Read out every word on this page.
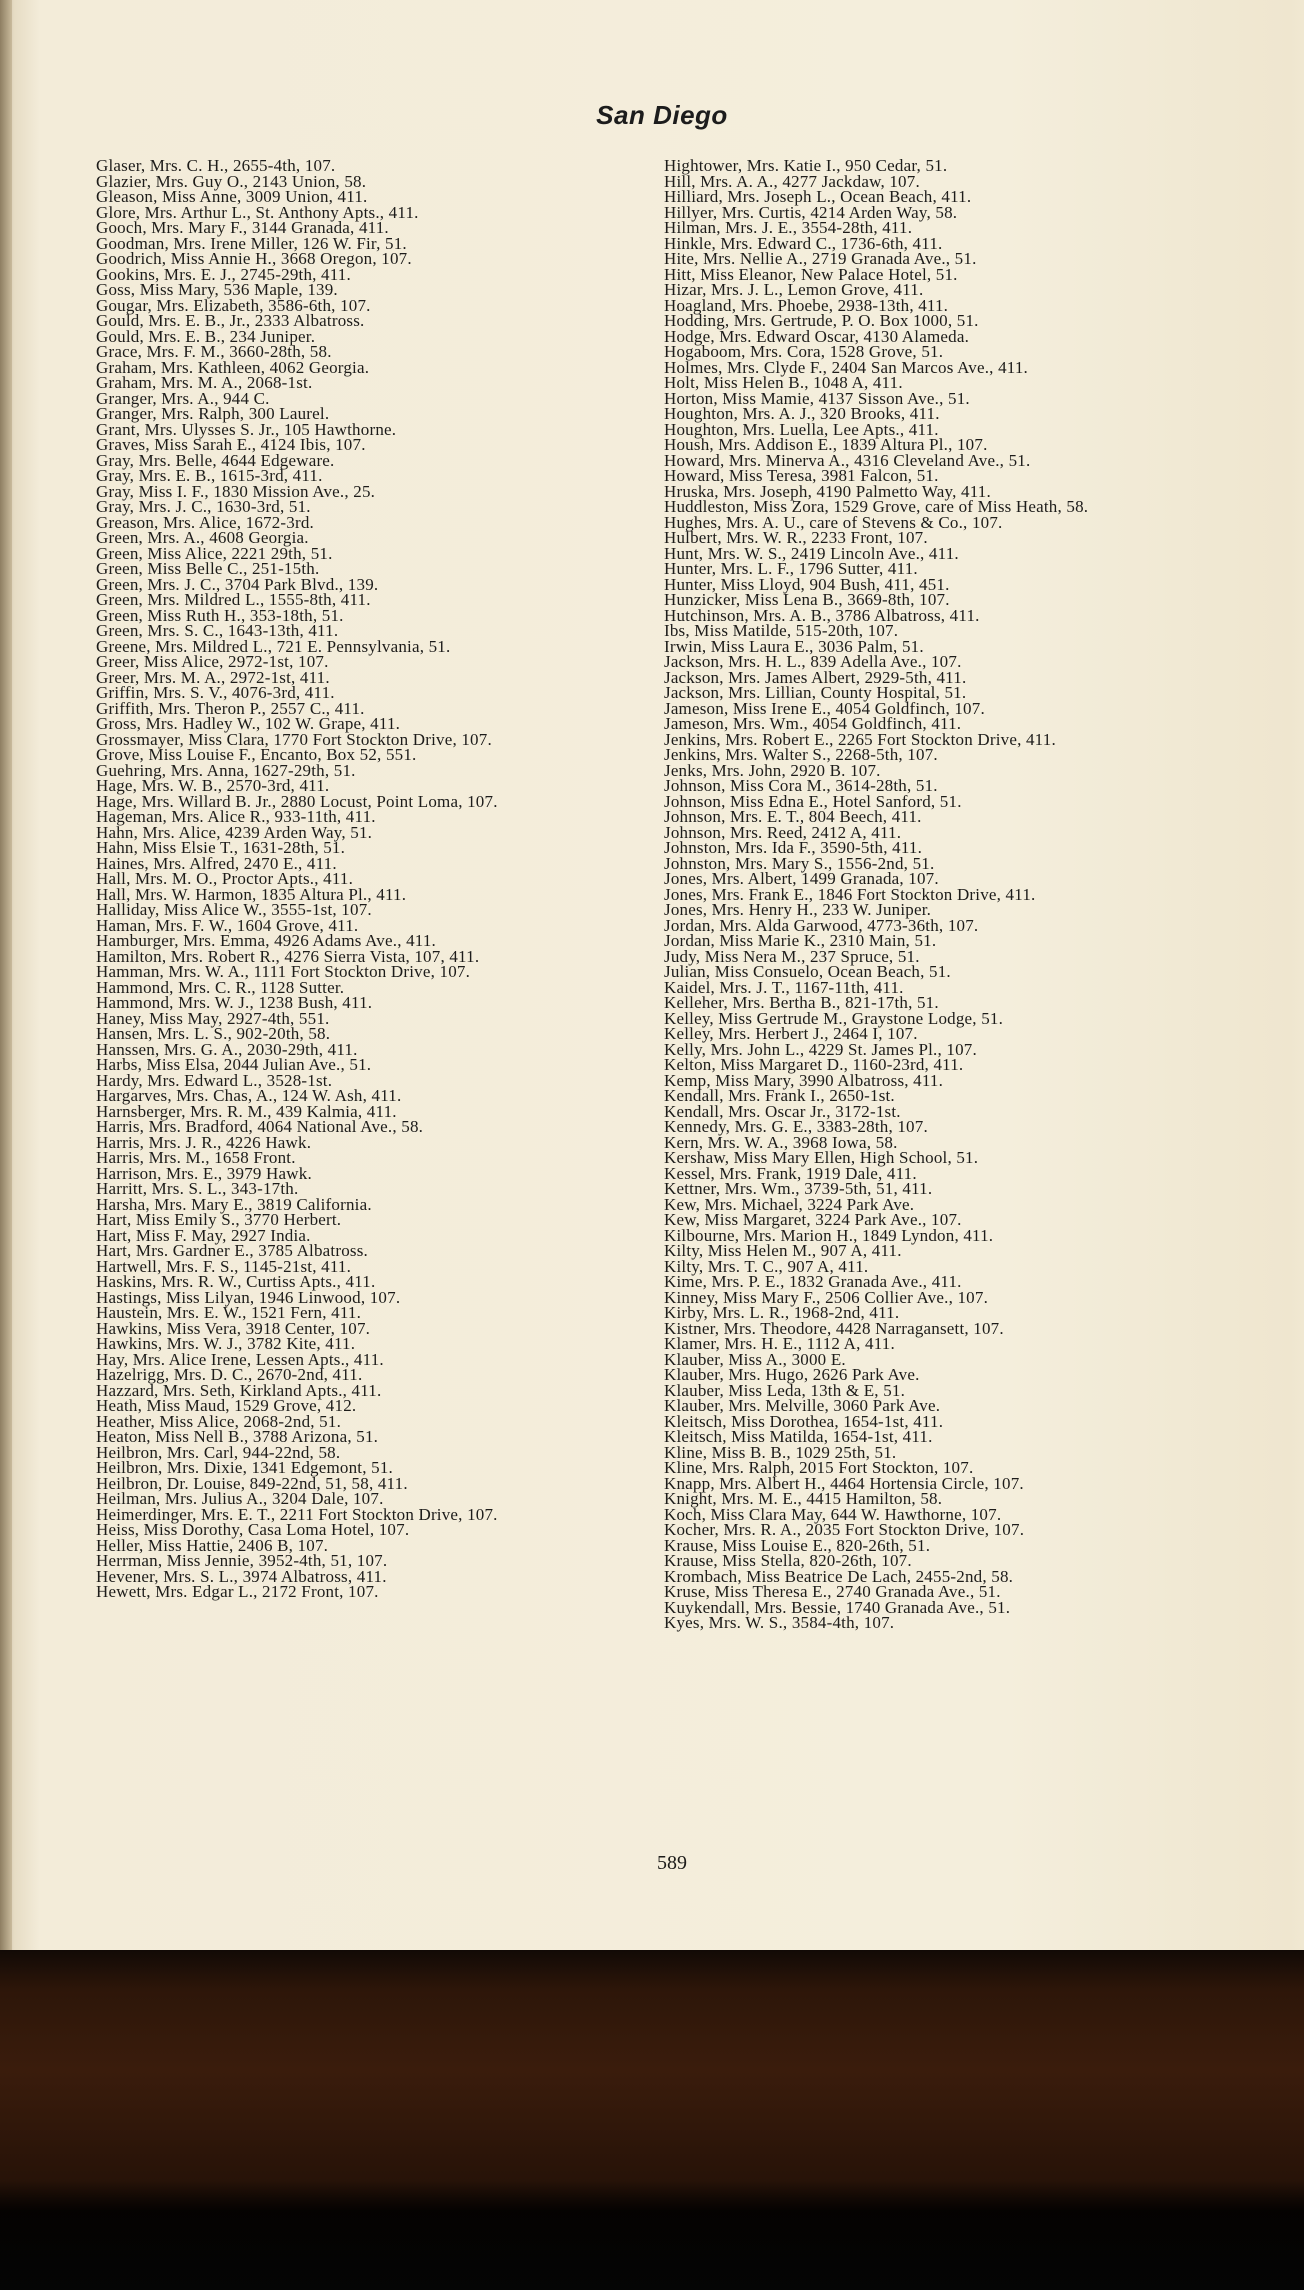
San Diego

Glaser, Mrs. C. H., 2655-4th, 107.

Glazier, Mrs. Guy O., 2143 Union, 58.

Gleason, Miss Anne, 3009 Union, 411.

Glore, Mrs. Arthur L., St. Anthony Apts., 411.

Gooch, Mrs. Mary F., 3144 Granada, 411.

Goodman, Mrs. Irene Miller, 126 W. Fir, 51.

Goodrich, Miss Annie H., 3668 Oregon, 107.

Gookins, Mrs. E. J., 2745-29th, 411.

Goss, Miss Mary, 536 Maple, 139.

Gougar, Mrs. Elizabeth, 3586-6th, 107.

Gould, Mrs. E. B., Jr., 2333 Albatross.

Gould, Mrs. E. B., 234 Juniper.

Grace, Mrs. F. M., 3660-28th, 58.

Graham, Mrs. Kathleen, 4062 Georgia.

Graham, Mrs. M. A., 2068-1st.

Granger, Mrs. A., 944 C.

Granger, Mrs. Ralph, 300 Laurel.

Grant, Mrs. Ulysses S. Jr., 105 Hawthorne.

Graves, Miss Sarah E., 4124 Ibis, 107.

Gray, Mrs. Belle, 4644 Edgeware.

Gray, Mrs. E. B., 1615-3rd, 411.

Gray, Miss I. F., 1830 Mission Ave., 25.

Gray, Mrs. J. C., 1630-3rd, 51.

Greason, Mrs. Alice, 1672-3rd.

Green, Mrs. A., 4608 Georgia.

Green, Miss Alice, 2221 29th, 51.

Green, Miss Belle C., 251-15th.

Green, Mrs. J. C., 3704 Park Blvd., 139.

Green, Mrs. Mildred L., 1555-8th, 411.

Green, Miss Ruth H., 353-18th, 51.

Green, Mrs. S. C., 1643-13th, 411.

Greene, Mrs. Mildred L., 721 E. Pennsylvania, 51.

Greer, Miss Alice, 2972-1st, 107.

Greer, Mrs. M. A., 2972-1st, 411.

Griffin, Mrs. S. V., 4076-3rd, 411.

Griffith, Mrs. Theron P., 2557 C., 411.

Gross, Mrs. Hadley W., 102 W. Grape, 411.

Grossmayer, Miss Clara, 1770 Fort Stockton Drive, 107.

Grove, Miss Louise F., Encanto, Box 52, 551.

Guehring, Mrs. Anna, 1627-29th, 51.

Hage, Mrs. W. B., 2570-3rd, 411.

Hage, Mrs. Willard B. Jr., 2880 Locust, Point Loma, 107.

Hageman, Mrs. Alice R., 933-11th, 411.

Hahn, Mrs. Alice, 4239 Arden Way, 51.

Hahn, Miss Elsie T., 1631-28th, 51.

Haines, Mrs. Alfred, 2470 E., 411.

Hall, Mrs. M. O., Proctor Apts., 411.

Hall, Mrs. W. Harmon, 1835 Altura Pl., 411.

Halliday, Miss Alice W., 3555-1st, 107.

Haman, Mrs. F. W., 1604 Grove, 411.

Hamburger, Mrs. Emma, 4926 Adams Ave., 411.

Hamilton, Mrs. Robert R., 4276 Sierra Vista, 107, 411.

Hamman, Mrs. W. A., 1111 Fort Stockton Drive, 107.

Hammond, Mrs. C. R., 1128 Sutter.

Hammond, Mrs. W. J., 1238 Bush, 411.

Haney, Miss May, 2927-4th, 551.

Hansen, Mrs. L. S., 902-20th, 58.

Hanssen, Mrs. G. A., 2030-29th, 411.

Harbs, Miss Elsa, 2044 Julian Ave., 51.

Hardy, Mrs. Edward L., 3528-1st.

Hargarves, Mrs. Chas, A., 124 W. Ash, 411.

Harnsberger, Mrs. R. M., 439 Kalmia, 411.

Harris, Mrs. Bradford, 4064 National Ave., 58.

Harris, Mrs. J. R., 4226 Hawk.

Harris, Mrs. M., 1658 Front.

Harrison, Mrs. E., 3979 Hawk.

Harritt, Mrs. S. L., 343-17th.

Harsha, Mrs. Mary E., 3819 California.

Hart, Miss Emily S., 3770 Herbert.

Hart, Miss F. May, 2927 India.

Hart, Mrs. Gardner E., 3785 Albatross.

Hartwell, Mrs. F. S., 1145-21st, 411.

Haskins, Mrs. R. W., Curtiss Apts., 411.

Hastings, Miss Lilyan, 1946 Linwood, 107.

Haustein, Mrs. E. W., 1521 Fern, 411.

Hawkins, Miss Vera, 3918 Center, 107.

Hawkins, Mrs. W. J., 3782 Kite, 411.

Hay, Mrs. Alice Irene, Lessen Apts., 411.

Hazelrigg, Mrs. D. C., 2670-2nd, 411.

Hazzard, Mrs. Seth, Kirkland Apts., 411.

Heath, Miss Maud, 1529 Grove, 412.

Heather, Miss Alice, 2068-2nd, 51.

Heaton, Miss Nell B., 3788 Arizona, 51.

Heilbron, Mrs. Carl, 944-22nd, 58.

Heilbron, Mrs. Dixie, 1341 Edgemont, 51.

Heilbron, Dr. Louise, 849-22nd, 51, 58, 411.

Heilman, Mrs. Julius A., 3204 Dale, 107.

Heimerdinger, Mrs. E. T., 2211 Fort Stockton Drive, 107.

Heiss, Miss Dorothy, Casa Loma Hotel, 107.

Heller, Miss Hattie, 2406 B, 107.

Herrman, Miss Jennie, 3952-4th, 51, 107.

Hevener, Mrs. S. L., 3974 Albatross, 411.

Hewett, Mrs. Edgar L., 2172 Front, 107.

Hightower, Mrs. Katie I., 950 Cedar, 51.

Hill, Mrs. A. A., 4277 Jackdaw, 107.

Hilliard, Mrs. Joseph L., Ocean Beach, 411.

Hillyer, Mrs. Curtis, 4214 Arden Way, 58.

Hilman, Mrs. J. E., 3554-28th, 411.

Hinkle, Mrs. Edward C., 1736-6th, 411.

Hite, Mrs. Nellie A., 2719 Granada Ave., 51.

Hitt, Miss Eleanor, New Palace Hotel, 51.

Hizar, Mrs. J. L., Lemon Grove, 411.

Hoagland, Mrs. Phoebe, 2938-13th, 411.

Hodding, Mrs. Gertrude, P. O. Box 1000, 51.

Hodge, Mrs. Edward Oscar, 4130 Alameda.

Hogaboom, Mrs. Cora, 1528 Grove, 51.

Holmes, Mrs. Clyde F., 2404 San Marcos Ave., 411.

Holt, Miss Helen B., 1048 A, 411.

Horton, Miss Mamie, 4137 Sisson Ave., 51.

Houghton, Mrs. A. J., 320 Brooks, 411.

Houghton, Mrs. Luella, Lee Apts., 411.

Housh, Mrs. Addison E., 1839 Altura Pl., 107.

Howard, Mrs. Minerva A., 4316 Cleveland Ave., 51.

Howard, Miss Teresa, 3981 Falcon, 51.

Hruska, Mrs. Joseph, 4190 Palmetto Way, 411.

Huddleston, Miss Zora, 1529 Grove, care of Miss Heath, 58.

Hughes, Mrs. A. U., care of Stevens & Co., 107.

Hulbert, Mrs. W. R., 2233 Front, 107.

Hunt, Mrs. W. S., 2419 Lincoln Ave., 411.

Hunter, Mrs. L. F., 1796 Sutter, 411.

Hunter, Miss Lloyd, 904 Bush, 411, 451.

Hunzicker, Miss Lena B., 3669-8th, 107.

Hutchinson, Mrs. A. B., 3786 Albatross, 411.

Ibs, Miss Matilde, 515-20th, 107.

Irwin, Miss Laura E., 3036 Palm, 51.

Jackson, Mrs. H. L., 839 Adella Ave., 107.

Jackson, Mrs. James Albert, 2929-5th, 411.

Jackson, Mrs. Lillian, County Hospital, 51.

Jameson, Miss Irene E., 4054 Goldfinch, 107.

Jameson, Mrs. Wm., 4054 Goldfinch, 411.

Jenkins, Mrs. Robert E., 2265 Fort Stockton Drive, 411.

Jenkins, Mrs. Walter S., 2268-5th, 107.

Jenks, Mrs. John, 2920 B. 107.

Johnson, Miss Cora M., 3614-28th, 51.

Johnson, Miss Edna E., Hotel Sanford, 51.

Johnson, Mrs. E. T., 804 Beech, 411.

Johnson, Mrs. Reed, 2412 A, 411.

Johnston, Mrs. Ida F., 3590-5th, 411.

Johnston, Mrs. Mary S., 1556-2nd, 51.

Jones, Mrs. Albert, 1499 Granada, 107.

Jones, Mrs. Frank E., 1846 Fort Stockton Drive, 411.

Jones, Mrs. Henry H., 233 W. Juniper.

Jordan, Mrs. Alda Garwood, 4773-36th, 107.

Jordan, Miss Marie K., 2310 Main, 51.

Judy, Miss Nera M., 237 Spruce, 51.

Julian, Miss Consuelo, Ocean Beach, 51.

Kaidel, Mrs. J. T., 1167-11th, 411.

Kelleher, Mrs. Bertha B., 821-17th, 51.

Kelley, Miss Gertrude M., Graystone Lodge, 51.

Kelley, Mrs. Herbert J., 2464 I, 107.

Kelly, Mrs. John L., 4229 St. James Pl., 107.

Kelton, Miss Margaret D., 1160-23rd, 411.

Kemp, Miss Mary, 3990 Albatross, 411.

Kendall, Mrs. Frank I., 2650-1st.

Kendall, Mrs. Oscar Jr., 3172-1st.

Kennedy, Mrs. G. E., 3383-28th, 107.

Kern, Mrs. W. A., 3968 Iowa, 58.

Kershaw, Miss Mary Ellen, High School, 51.

Kessel, Mrs. Frank, 1919 Dale, 411.

Kettner, Mrs. Wm., 3739-5th, 51, 411.

Kew, Mrs. Michael, 3224 Park Ave.

Kew, Miss Margaret, 3224 Park Ave., 107.

Kilbourne, Mrs. Marion H., 1849 Lyndon, 411.

Kilty, Miss Helen M., 907 A, 411.

Kilty, Mrs. T. C., 907 A, 411.

Kime, Mrs. P. E., 1832 Granada Ave., 411.

Kinney, Miss Mary F., 2506 Collier Ave., 107.

Kirby, Mrs. L. R., 1968-2nd, 411.

Kistner, Mrs. Theodore, 4428 Narragansett, 107.

Klamer, Mrs. H. E., 1112 A, 411.

Klauber, Miss A., 3000 E.

Klauber, Mrs. Hugo, 2626 Park Ave.

Klauber, Miss Leda, 13th & E, 51.

Klauber, Mrs. Melville, 3060 Park Ave.

Kleitsch, Miss Dorothea, 1654-1st, 411.

Kleitsch, Miss Matilda, 1654-1st, 411.

Kline, Miss B. B., 1029 25th, 51.

Kline, Mrs. Ralph, 2015 Fort Stockton, 107.

Knapp, Mrs. Albert H., 4464 Hortensia Circle, 107.

Knight, Mrs. M. E., 4415 Hamilton, 58.

Koch, Miss Clara May, 644 W. Hawthorne, 107.

Kocher, Mrs. R. A., 2035 Fort Stockton Drive, 107.

Krause, Miss Louise E., 820-26th, 51.

Krause, Miss Stella, 820-26th, 107.

Krombach, Miss Beatrice De Lach, 2455-2nd, 58.

Kruse, Miss Theresa E., 2740 Granada Ave., 51.

Kuykendall, Mrs. Bessie, 1740 Granada Ave., 51.

Kyes, Mrs. W. S., 3584-4th, 107.

589
